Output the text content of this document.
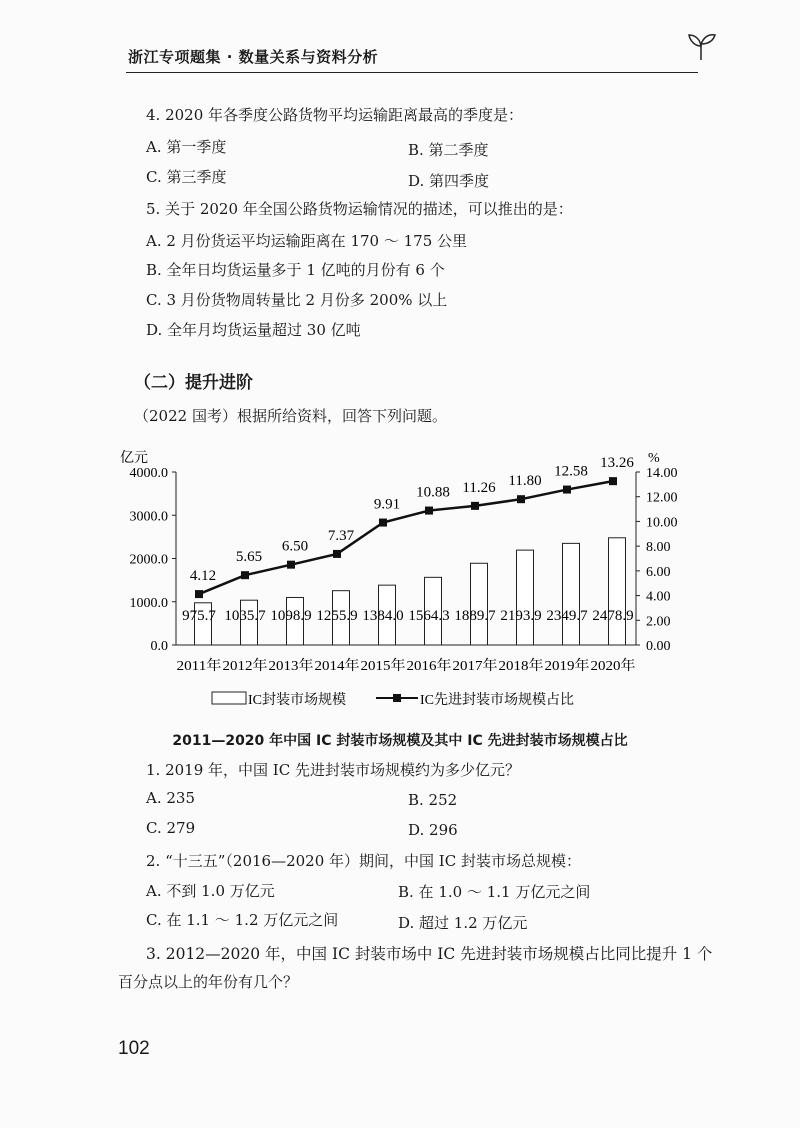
浙江专项题集 · 数量关系与资料分析
4. 2020 年各季度公路货物平均运输距离最高的季度是：
A. 第一季度	B. 第二季度
C. 第三季度	D. 第四季度
5. 关于 2020 年全国公路货物运输情况的描述，可以推出的是：
A. 2 月份货运平均运输距离在 170 ～ 175 公里
B. 全年日均货运量多于 1 亿吨的月份有 6 个
C. 3 月份货物周转量比 2 月份多 200% 以上
D. 全年月均货运量超过 30 亿吨
（二）提升进阶
（2022 国考）根据所给资料，回答下列问题。
975.7 1035.7 1098.9 1255.9 1384.0 1564.3 1889.7 2193.9 2349.7 2478.9
4.12
5.65
6.50
7.37
9.91
10.88 11.26 11.80
12.58
13.26
0.0
1000.0
2000.0
3000.0
4000.0
亿元
0.00
2.00
4.00
6.00
8.00
10.00
12.00
14.00
%
2011年 2012年 2013年 2014年 2015年 2016年 2017年 2018年 2019年 2020年
IC封装市场规模	IC先进封装市场规模占比
2011—2020 年中国 IC 封装市场规模及其中 IC 先进封装市场规模占比
1. 2019 年，中国 IC 先进封装市场规模约为多少亿元？
A. 235	B. 252
C. 279	D. 296
2. “十三五”（2016—2020 年）期间，中国 IC 封装市场总规模：
A. 不到 1.0 万亿元	B. 在 1.0 ～ 1.1 万亿元之间
C. 在 1.1 ～ 1.2 万亿元之间	D. 超过 1.2 万亿元
3. 2012—2020 年，中国 IC 封装市场中 IC 先进封装市场规模占比同比提升 1 个
百分点以上的年份有几个？
102
